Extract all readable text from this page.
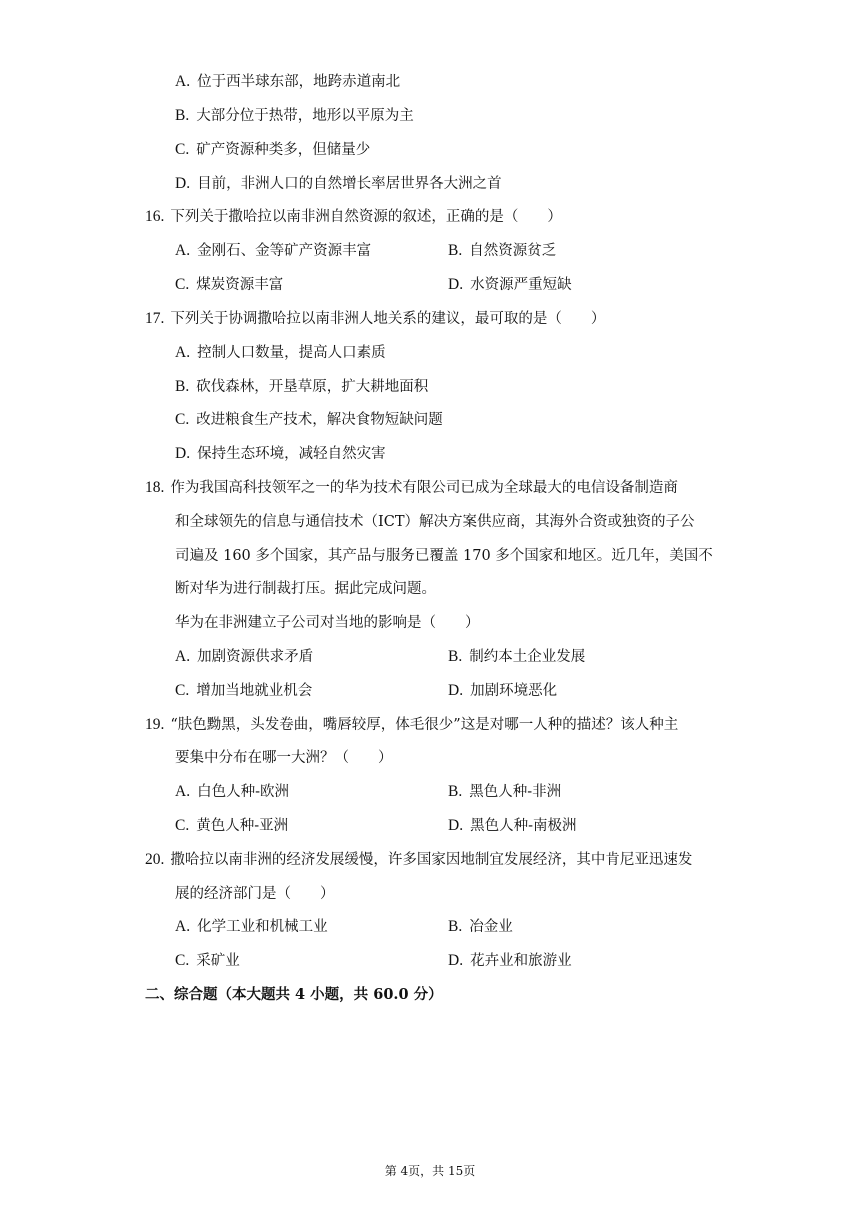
A. 位于西半球东部，地跨赤道南北
B. 大部分位于热带，地形以平原为主
C. 矿产资源种类多，但储量少
D. 目前，非洲人口的自然增长率居世界各大洲之首
16. 下列关于撒哈拉以南非洲自然资源的叙述，正确的是（　　）
A. 金刚石、金等矿产资源丰富	B. 自然资源贫乏
C. 煤炭资源丰富	D. 水资源严重短缺
17. 下列关于协调撒哈拉以南非洲人地关系的建议，最可取的是（　　）
A. 控制人口数量，提高人口素质
B. 砍伐森林，开垦草原，扩大耕地面积
C. 改进粮食生产技术，解决食物短缺问题
D. 保持生态环境，减轻自然灾害
18. 作为我国高科技领军之一的华为技术有限公司已成为全球最大的电信设备制造商
和全球领先的信息与通信技术（ICT）解决方案供应商，其海外合资或独资的子公
司遍及 160 多个国家，其产品与服务已覆盖 170 多个国家和地区。近几年，美国不
断对华为进行制裁打压。据此完成问题。
华为在非洲建立子公司对当地的影响是（　　）
A. 加剧资源供求矛盾	B. 制约本土企业发展
C. 增加当地就业机会	D. 加剧环境恶化
19. “肤色黝黑，头发卷曲，嘴唇较厚，体毛很少”这是对哪一人种的描述？该人种主
要集中分布在哪一大洲？（　　）
A. 白色人种-欧洲	B. 黑色人种-非洲
C. 黄色人种-亚洲	D. 黑色人种-南极洲
20. 撒哈拉以南非洲的经济发展缓慢，许多国家因地制宜发展经济，其中肯尼亚迅速发
展的经济部门是（　　）
A. 化学工业和机械工业	B. 冶金业
C. 采矿业	D. 花卉业和旅游业
二、综合题（本大题共 4 小题，共 60.0 分）
第 4页，共 15页
